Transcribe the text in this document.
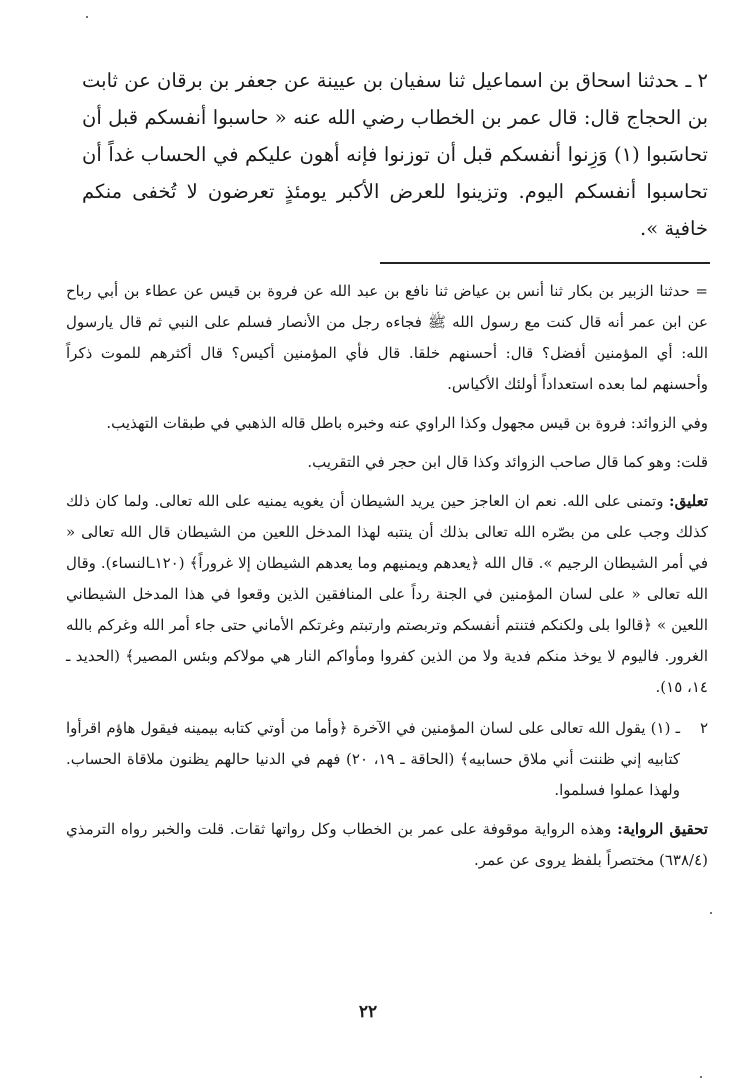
٢ ـحدثنا اسحاق بن اسماعيل ثنا سفيان بن عيينة عن جعفر بن برقان عن ثابت بن الحجاج قال: قال عمر بن الخطاب رضي الله عنه « حاسبوا أنفسكم قبل أن تحاسَبوا (١) وَزِنوا أنفسكم قبل أن توزنوا فإنه أهون عليكم في الحساب غداً أن تحاسبوا أنفسكم اليوم. وتزينوا للعرض الأكبر يومئذٍ تعرضون لا تُخفى منكم خافية ».

= حدثنا الزبير بن بكار ثنا أنس بن عياض ثنا نافع بن عبد الله عن فروة بن قيس عن عطاء بن أبي رباح عن ابن عمر أنه قال كنت مع رسول الله ﷺ فجاءه رجل من الأنصار فسلم على النبي ثم قال يارسول الله: أي المؤمنين أفضل؟ قال: أحسنهم خلقا. قال فأي المؤمنين أكيس؟ قال أكثرهم للموت ذكراً وأحسنهم لما بعده استعداداً أولئك الأكياس.

وفي الزوائد: فروة بن قيس مجهول وكذا الراوي عنه وخبره باطل قاله الذهبي في طبقات التهذيب.

قلت: وهو كما قال صاحب الزوائد وكذا قال ابن حجر في التقريب.

تعليق: وتمنى على الله. نعم ان العاجز حين يريد الشيطان أن يغويه يمنيه على الله تعالى. ولما كان ذلك كذلك وجب على من بصّره الله تعالى بذلك أن ينتبه لهذا المدخل اللعين من الشيطان قال الله تعالى « في أمر الشيطان الرجيم ». قال الله ﴿يعدهم ويمنيهم وما يعدهم الشيطان إلا غروراً﴾ (١٢٠ـالنساء). وقال الله تعالى « على لسان المؤمنين في الجنة رداً على المنافقين الذين وقعوا في هذا المدخل الشيطاني اللعين » ﴿قالوا بلى ولكنكم فتنتم أنفسكم وتربصتم وارتبتم وغرتكم الأماني حتى جاء أمر الله وغركم بالله الغرور. فاليوم لا يوخذ منكم فدية ولا من الذين كفروا ومأواكم النار هي مولاكم وبئس المصير﴾ (الحديد ـ ١٤، ١٥).

٢
ـ (١) يقول الله تعالى على لسان المؤمنين في الآخرة ﴿وأما من أوتي كتابه بيمينه فيقول هاؤم اقرأوا كتابيه إني ظننت أني ملاق حسابيه﴾ (الحاقة ـ ١٩، ٢٠) فهم في الدنيا حالهم يظنون ملاقاة الحساب. ولهذا عملوا فسلموا.

تحقيق الرواية: وهذه الرواية موقوفة على عمر بن الخطاب وكل رواتها ثقات. قلت والخبر رواه الترمذي (٦٣٨/٤) مختصراً بلفظ يروى عن عمر.

٢٢
